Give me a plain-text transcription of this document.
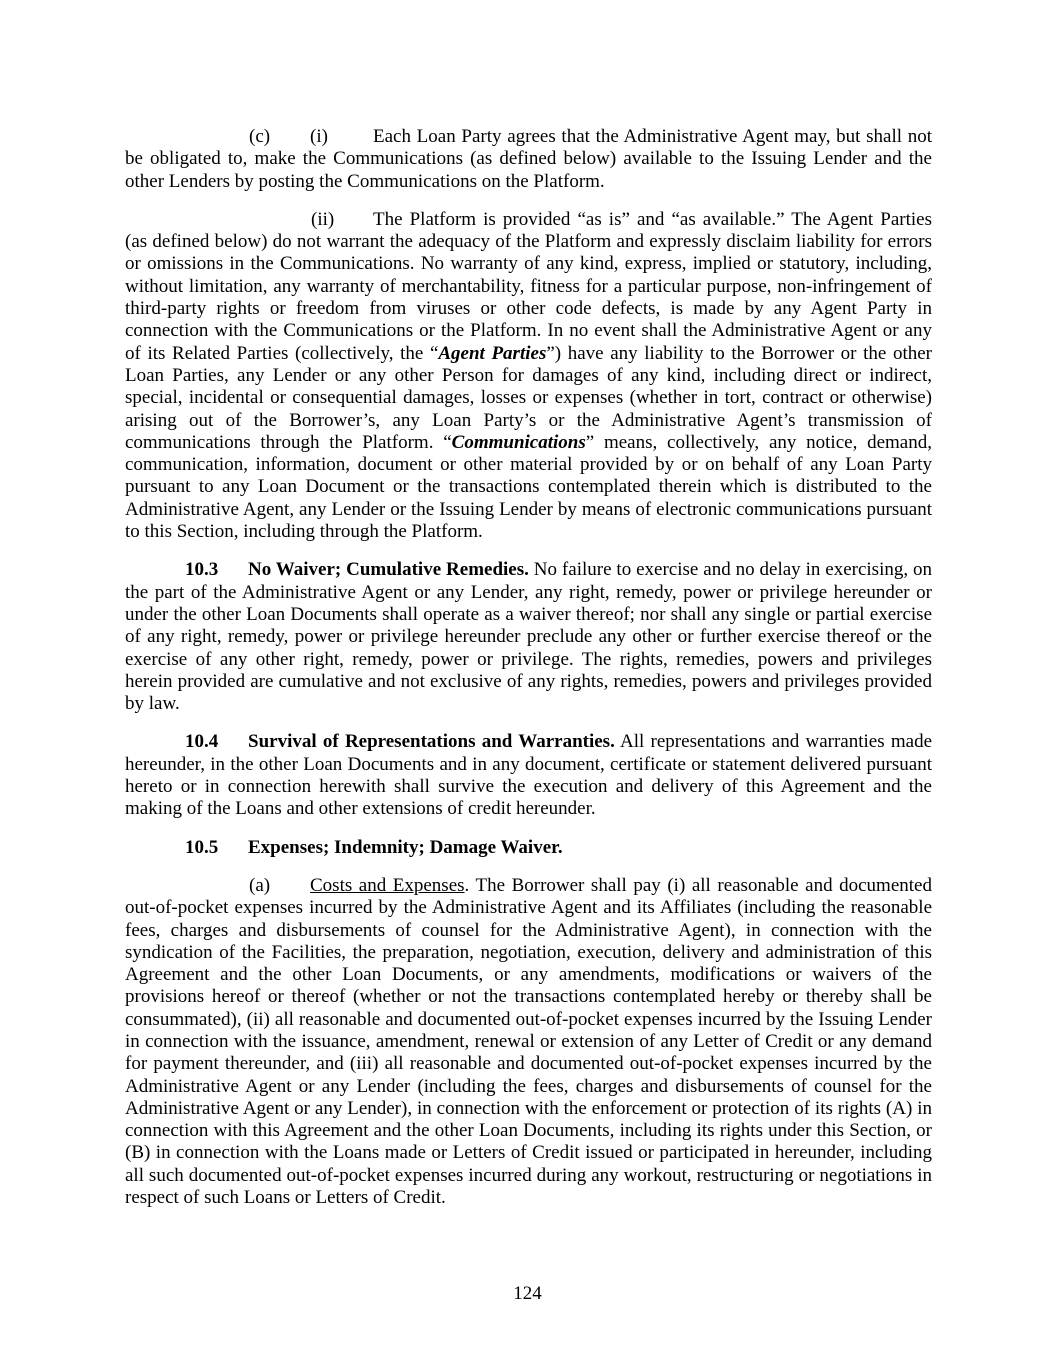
(c) (i) Each Loan Party agrees that the Administrative Agent may, but shall not be obligated to, make the Communications (as defined below) available to the Issuing Lender and the other Lenders by posting the Communications on the Platform.

(ii) The Platform is provided “as is” and “as available.” The Agent Parties (as defined below) do not warrant the adequacy of the Platform and expressly disclaim liability for errors or omissions in the Communications. No warranty of any kind, express, implied or statutory, including, without limitation, any warranty of merchantability, fitness for a particular purpose, non-infringement of third-party rights or freedom from viruses or other code defects, is made by any Agent Party in connection with the Communications or the Platform. In no event shall the Administrative Agent or any of its Related Parties (collectively, the “Agent Parties”) have any liability to the Borrower or the other Loan Parties, any Lender or any other Person for damages of any kind, including direct or indirect, special, incidental or consequential damages, losses or expenses (whether in tort, contract or otherwise) arising out of the Borrower’s, any Loan Party’s or the Administrative Agent’s transmission of communications through the Platform. “Communications” means, collectively, any notice, demand, communication, information, document or other material provided by or on behalf of any Loan Party pursuant to any Loan Document or the transactions contemplated therein which is distributed to the Administrative Agent, any Lender or the Issuing Lender by means of electronic communications pursuant to this Section, including through the Platform.

10.3 No Waiver; Cumulative Remedies. No failure to exercise and no delay in exercising, on the part of the Administrative Agent or any Lender, any right, remedy, power or privilege hereunder or under the other Loan Documents shall operate as a waiver thereof; nor shall any single or partial exercise of any right, remedy, power or privilege hereunder preclude any other or further exercise thereof or the exercise of any other right, remedy, power or privilege. The rights, remedies, powers and privileges herein provided are cumulative and not exclusive of any rights, remedies, powers and privileges provided by law.

10.4 Survival of Representations and Warranties. All representations and warranties made hereunder, in the other Loan Documents and in any document, certificate or statement delivered pursuant hereto or in connection herewith shall survive the execution and delivery of this Agreement and the making of the Loans and other extensions of credit hereunder.

10.5 Expenses; Indemnity; Damage Waiver.

(a) Costs and Expenses. The Borrower shall pay (i) all reasonable and documented out-of-pocket expenses incurred by the Administrative Agent and its Affiliates (including the reasonable fees, charges and disbursements of counsel for the Administrative Agent), in connection with the syndication of the Facilities, the preparation, negotiation, execution, delivery and administration of this Agreement and the other Loan Documents, or any amendments, modifications or waivers of the provisions hereof or thereof (whether or not the transactions contemplated hereby or thereby shall be consummated), (ii) all reasonable and documented out-of-pocket expenses incurred by the Issuing Lender in connection with the issuance, amendment, renewal or extension of any Letter of Credit or any demand for payment thereunder, and (iii) all reasonable and documented out-of-pocket expenses incurred by the Administrative Agent or any Lender (including the fees, charges and disbursements of counsel for the Administrative Agent or any Lender), in connection with the enforcement or protection of its rights (A) in connection with this Agreement and the other Loan Documents, including its rights under this Section, or (B) in connection with the Loans made or Letters of Credit issued or participated in hereunder, including all such documented out-of-pocket expenses incurred during any workout, restructuring or negotiations in respect of such Loans or Letters of Credit.

124
